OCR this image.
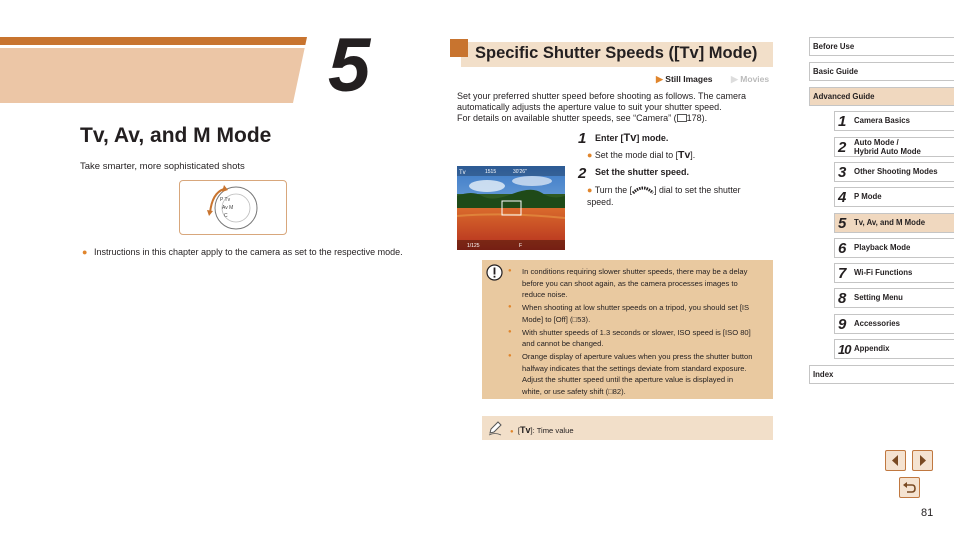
5
Tv, Av, and M Mode
Take smarter, more sophisticated shots
P Tv
Av M
C
● Instructions in this chapter apply to the camera as set to the respective mode.
Specific Shutter Speeds ([Tv] Mode)
▶ Still Images ▶ Movies
Set your preferred shutter speed before shooting as follows. The camera
automatically adjusts the aperture value to suit your shutter speed.
For details on available shutter speeds, see “Camera” ( 178).
Tv	1515	30'26"
1/125	F
1 Enter [Tv] mode.
● Set the mode dial to [Tv].
2 Set the shutter speed.
● Turn the [	] dial to set the shutter speed.
● In conditions requiring slower shutter speeds, there may be a delay before you can shoot again, as the camera processes images to reduce noise.
● When shooting at low shutter speeds on a tripod, you should set [IS Mode] to [Off] (□53).
● With shutter speeds of 1.3 seconds or slower, ISO speed is [ISO 80] and cannot be changed.
● Orange display of aperture values when you press the shutter button halfway indicates that the settings deviate from standard exposure. Adjust the shutter speed until the aperture value is displayed in white, or use safety shift (□82).
● [Tv]: Time value
Before Use
Basic Guide
Advanced Guide
1 Camera Basics
2 Auto Mode /
Hybrid Auto Mode
3 Other Shooting Modes
4 P Mode
5 Tv, Av, and M Mode
6 Playback Mode
7 Wi-Fi Functions
8 Setting Menu
9 Accessories
10 Appendix
Index
81
